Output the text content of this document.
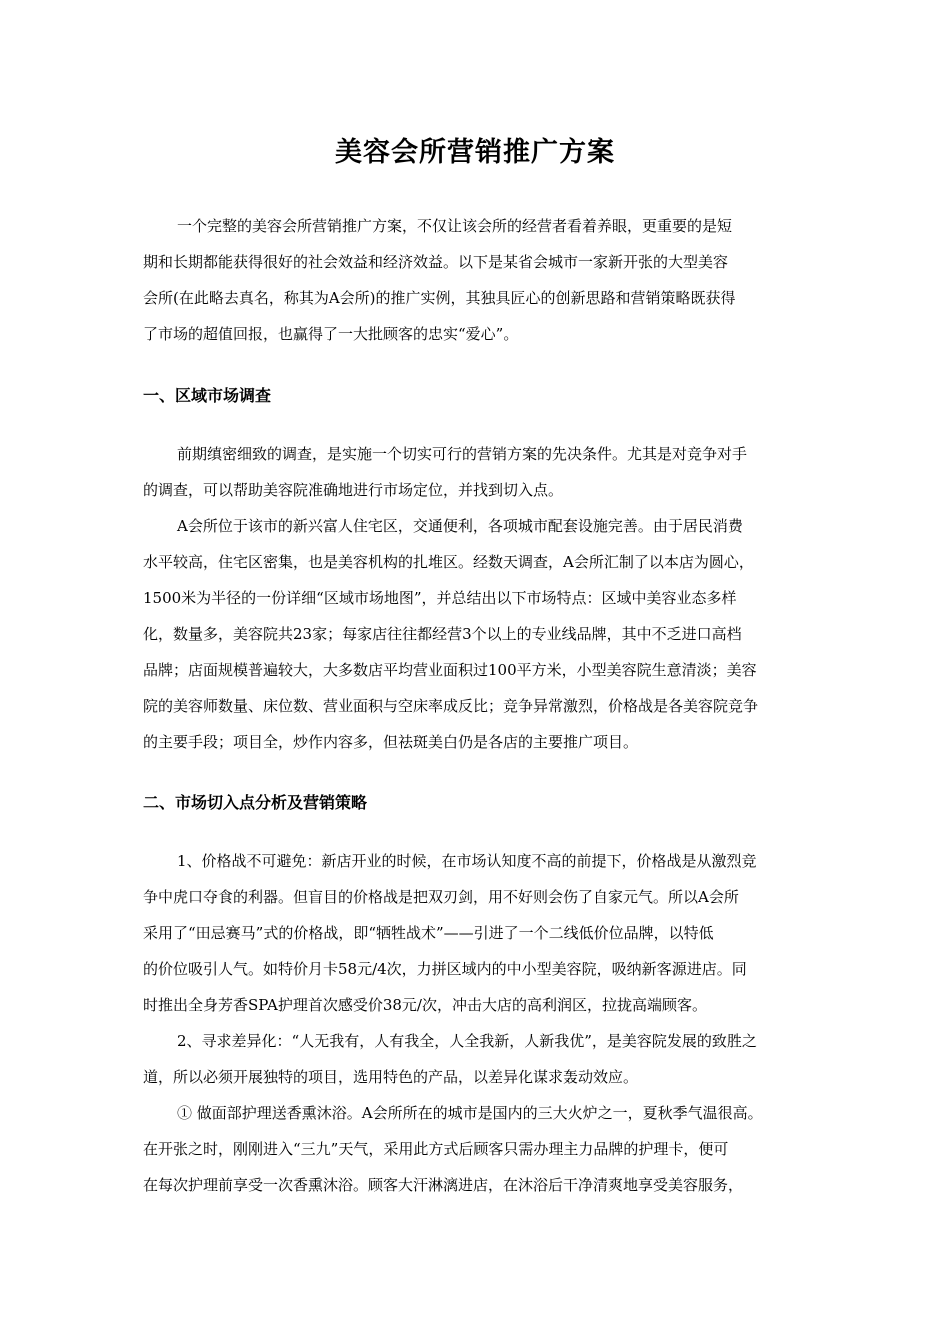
美容会所营销推广方案
一个完整的美容会所营销推广方案，不仅让该会所的经营者看着养眼，更重要的是短
期和长期都能获得很好的社会效益和经济效益。以下是某省会城市一家新开张的大型美容
会所(在此略去真名，称其为A会所)的推广实例，其独具匠心的创新思路和营销策略既获得
了市场的超值回报，也赢得了一大批顾客的忠实“爱心”。
一、区域市场调查
前期缜密细致的调查，是实施一个切实可行的营销方案的先决条件。尤其是对竞争对手
的调查，可以帮助美容院准确地进行市场定位，并找到切入点。
A会所位于该市的新兴富人住宅区，交通便利，各项城市配套设施完善。由于居民消费
水平较高，住宅区密集，也是美容机构的扎堆区。经数天调查，A会所汇制了以本店为圆心，
1500米为半径的一份详细“区域市场地图”，并总结出以下市场特点：区域中美容业态多样
化，数量多，美容院共23家；每家店往往都经营3个以上的专业线品牌，其中不乏进口高档
品牌；店面规模普遍较大，大多数店平均营业面积过100平方米，小型美容院生意清淡；美容
院的美容师数量、床位数、营业面积与空床率成反比；竞争异常激烈，价格战是各美容院竞争
的主要手段；项目全，炒作内容多，但祛斑美白仍是各店的主要推广项目。
二、市场切入点分析及营销策略
1、价格战不可避免：新店开业的时候，在市场认知度不高的前提下，价格战是从激烈竞
争中虎口夺食的利器。但盲目的价格战是把双刃剑，用不好则会伤了自家元气。所以A会所
采用了“田忌赛马”式的价格战，即“牺牲战术”——引进了一个二线低价位品牌，以特低
的价位吸引人气。如特价月卡58元/4次，力拼区域内的中小型美容院，吸纳新客源进店。同
时推出全身芳香SPA护理首次感受价38元/次，冲击大店的高利润区，拉拢高端顾客。
2、寻求差异化：“人无我有，人有我全，人全我新，人新我优”，是美容院发展的致胜之
道，所以必须开展独特的项目，选用特色的产品，以差异化谋求轰动效应。
① 做面部护理送香熏沐浴。A会所所在的城市是国内的三大火炉之一，夏秋季气温很高。
在开张之时，刚刚进入“三九”天气，采用此方式后顾客只需办理主力品牌的护理卡，便可
在每次护理前享受一次香熏沐浴。顾客大汗淋漓进店，在沐浴后干净清爽地享受美容服务，
